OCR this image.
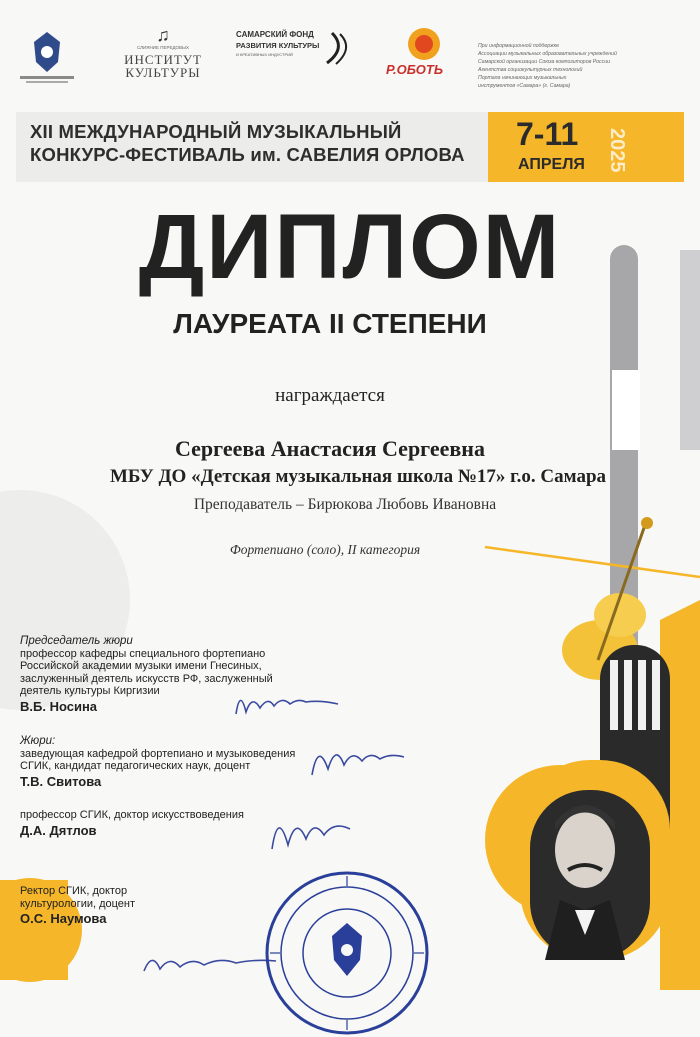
♫
СЛИЯНИЕ ПЕРЕДОВЫХ
ИНСТИТУТ
КУЛЬТУРЫ
САМАРСКИЙ ФОНД
РАЗВИТИЯ КУЛЬТУРЫ
И КРЕАТИВНЫХ ИНДУСТРИЙ
Р.ОБОТЬ
При информационной поддержке
Ассоциации музыкальных образовательных учреждений
Самарской организации Союза композиторов России
Агентства социокультурных технологий
Портала начинающих музыкальных
инструментов «Самара» (г. Самара)
XII МЕЖДУНАРОДНЫЙ МУЗЫКАЛЬНЫЙ
КОНКУРС-ФЕСТИВАЛЬ им. САВЕЛИЯ ОРЛОВА
7-11
АПРЕЛЯ 2025
ДИПЛОМ
ЛАУРЕАТА II СТЕПЕНИ
награждается
Сергеева Анастасия Сергеевна
МБУ ДО «Детская музыкальная школа №17» г.о. Самара
Преподаватель – Бирюкова Любовь Ивановна
Фортепиано (соло), II категория
Председатель жюри
профессор кафедры специального фортепиано Российской академии музыки имени Гнесиных, заслуженный деятель искусств РФ, заслуженный деятель культуры Киргизии
В.Б. Носина
Жюри:
заведующая кафедрой фортепиано и музыковедения СГИК, кандидат педагогических наук, доцент
Т.В. Свитова
профессор СГИК, доктор искусствоведения
Д.А. Дятлов
Ректор СГИК, доктор культурологии, доцент
О.С. Наумова
